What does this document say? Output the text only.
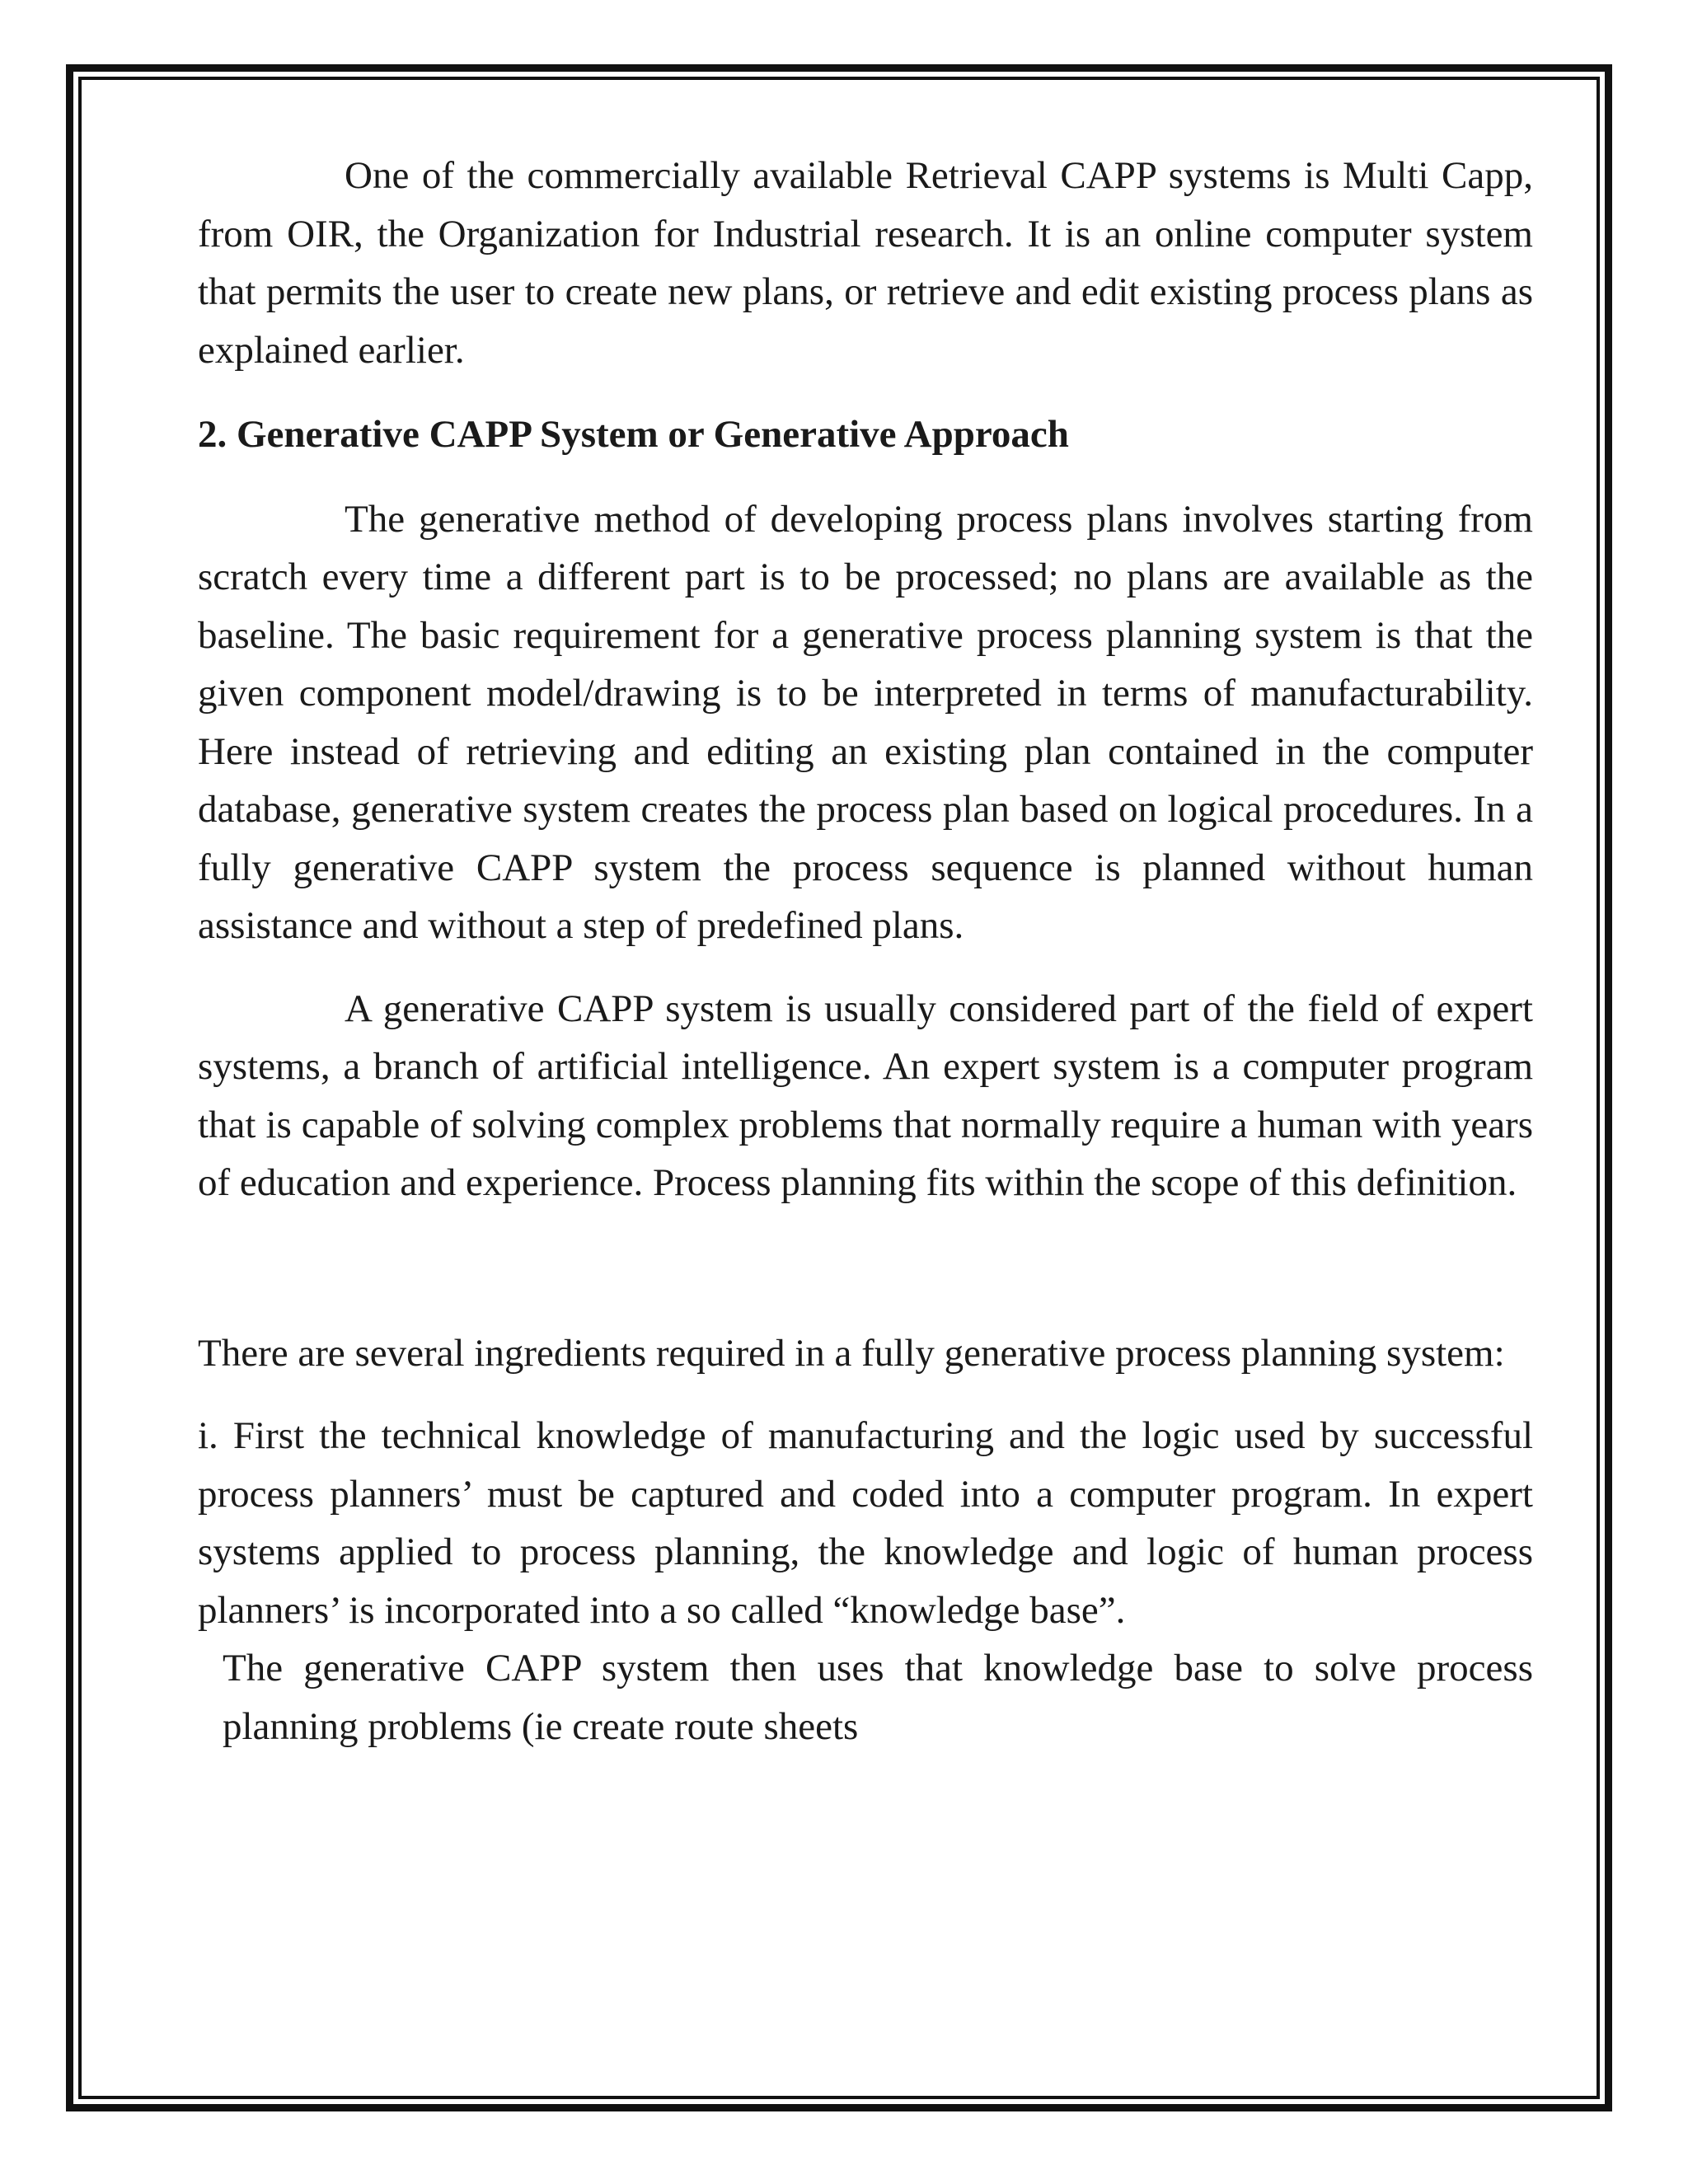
One of the commercially available Retrieval CAPP systems is Multi Capp, from OIR, the Organization for Industrial research. It is an online computer system that permits the user to create new plans, or retrieve and edit existing process plans as explained earlier.

2. Generative CAPP System or Generative Approach

The generative method of developing process plans involves starting from scratch every time a different part is to be processed; no plans are available as the baseline. The basic requirement for a generative process planning system is that the given component model/drawing is to be interpreted in terms of manufacturability. Here instead of retrieving and editing an existing plan contained in the computer database, generative system creates the process plan based on logical procedures. In a fully generative CAPP system the process sequence is planned without human assistance and without a step of predefined plans.

A generative CAPP system is usually considered part of the field of expert systems, a branch of artificial intelligence. An expert system is a computer program that is capable of solving complex problems that normally require a human with years of education and experience. Process planning fits within the scope of this definition.

There are several ingredients required in a fully generative process planning system:

i. First the technical knowledge of manufacturing and the logic used by successful process planners’ must be captured and coded into a computer program. In expert systems applied to process planning, the knowledge and logic of human process planners’ is incorporated into a so called “knowledge base”.

The generative CAPP system then uses that knowledge base to solve process planning problems (ie create route sheets
